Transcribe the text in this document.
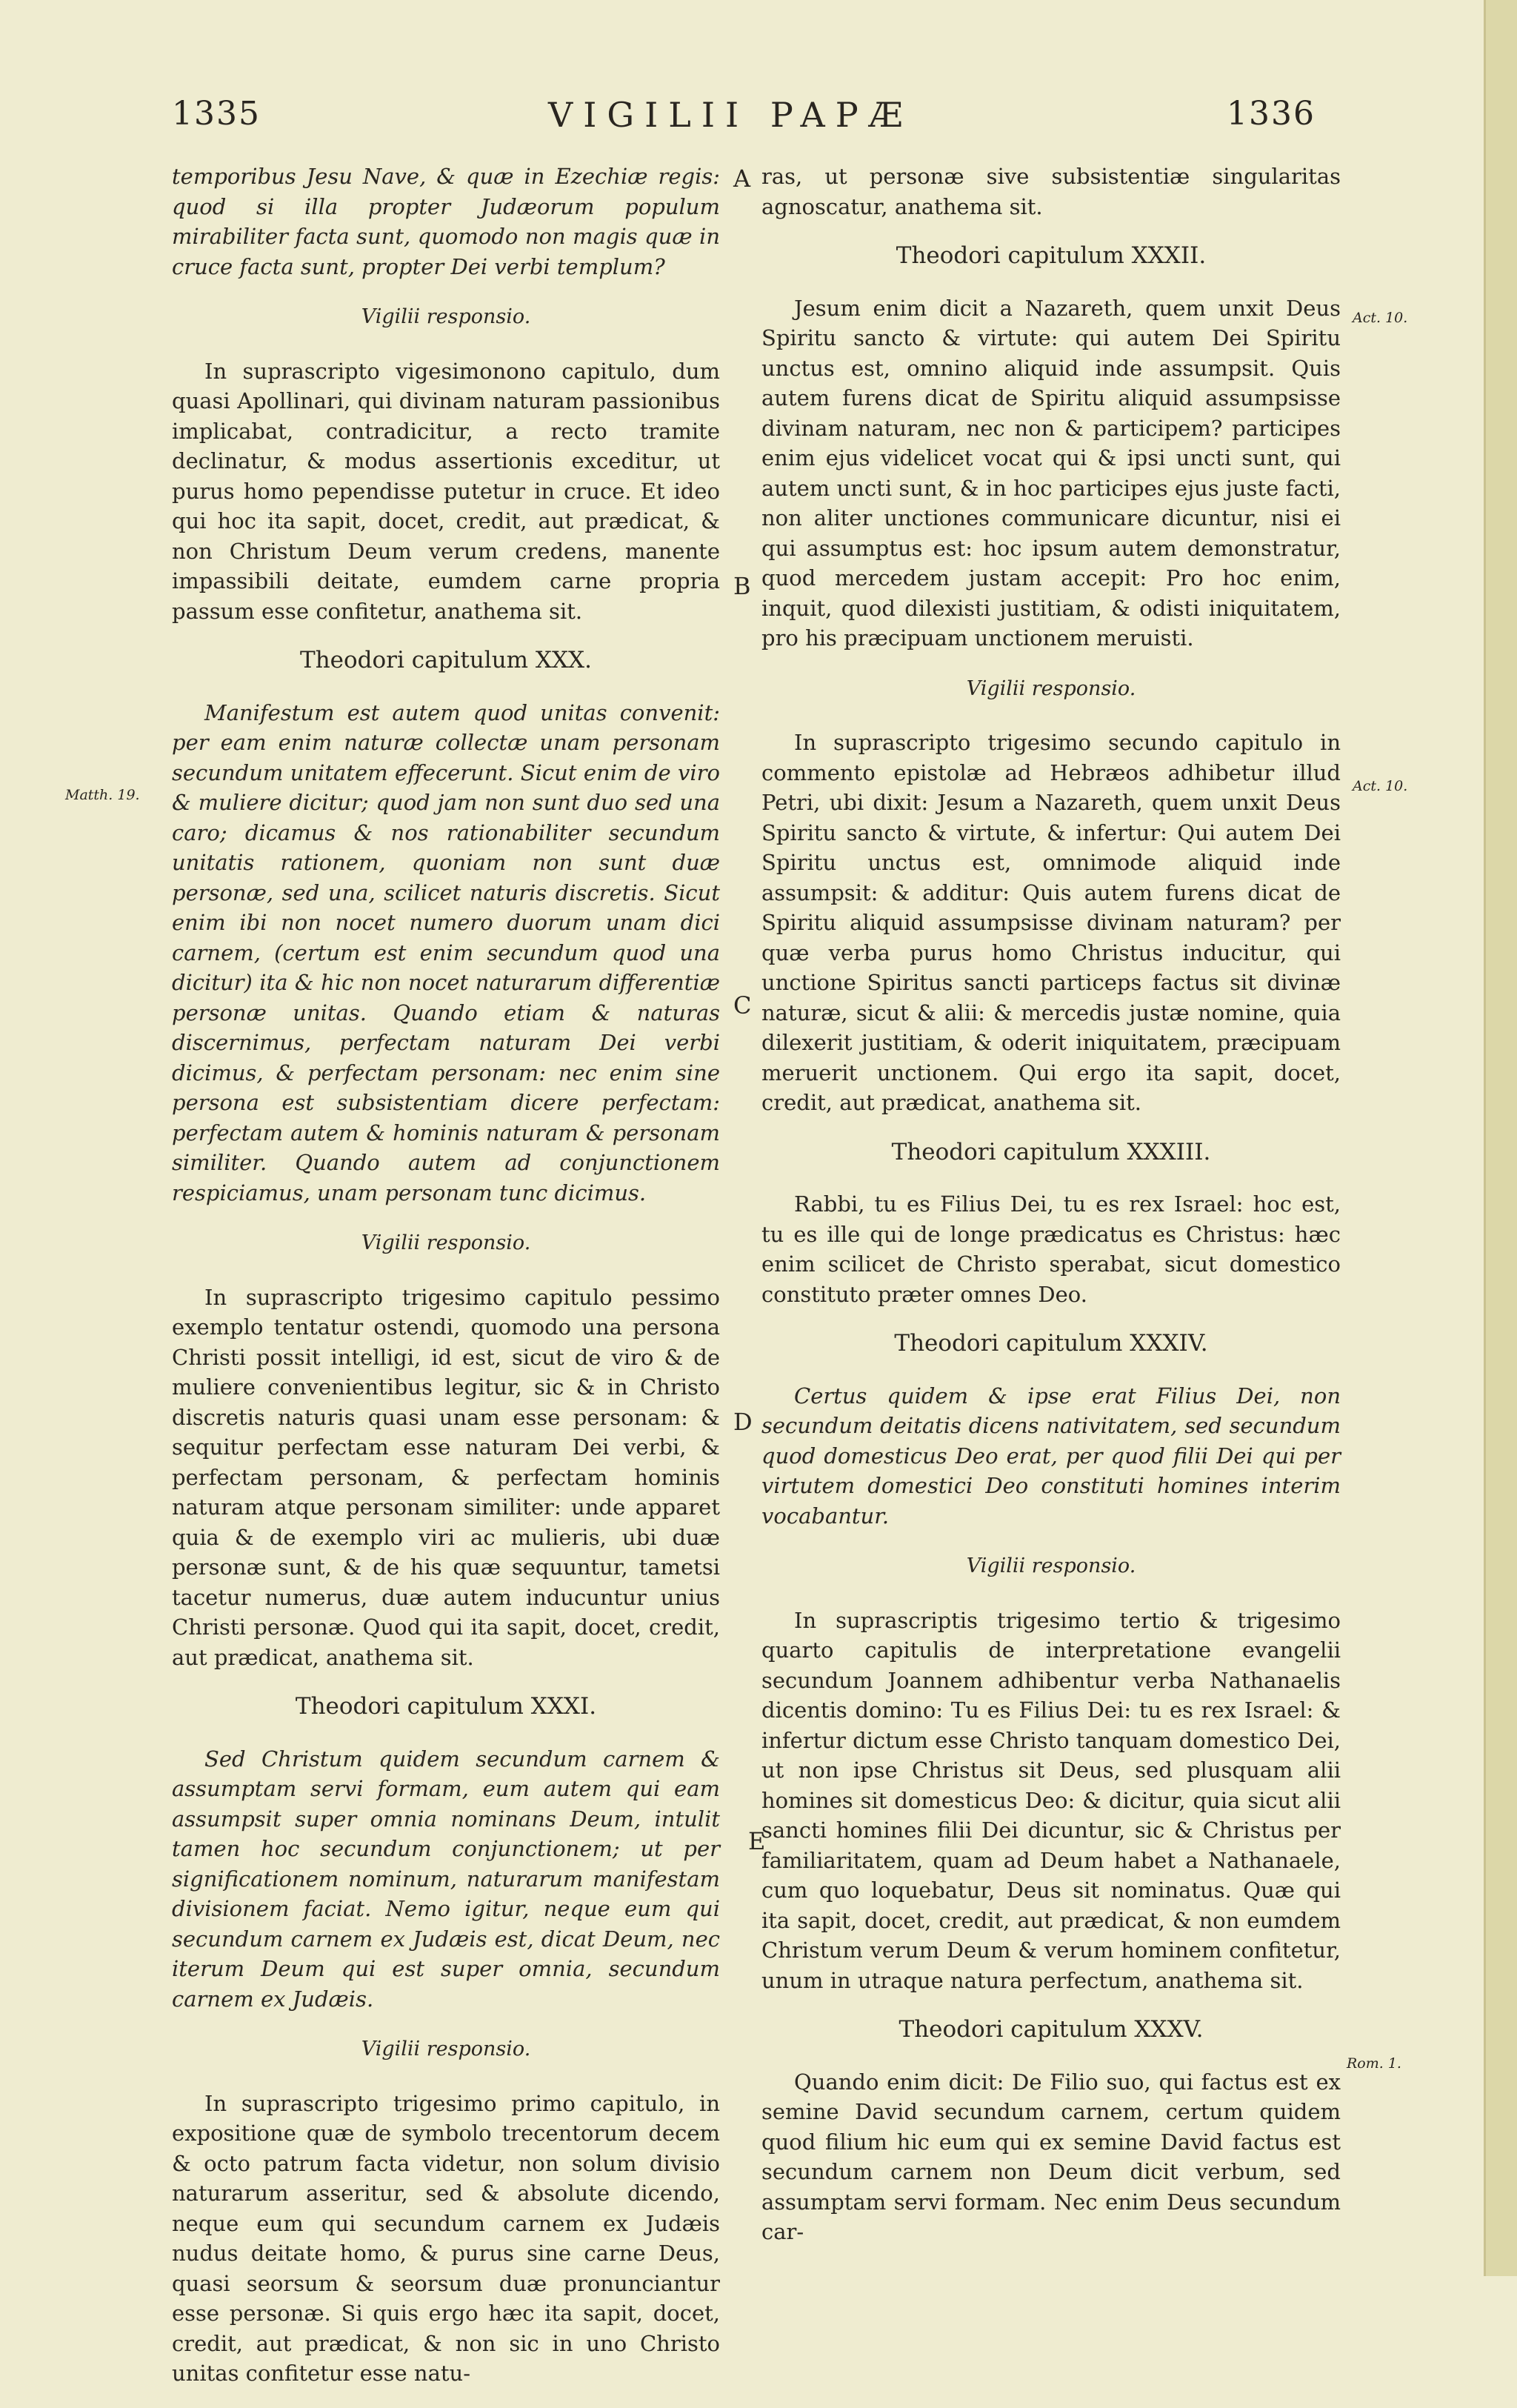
1335	VIGILII PAPÆ	1336
A
B
C
D
E
Matth. 19.
Act. 10.
Act. 10.
Rom. 1.

temporibus Jesu Nave, & quæ in Ezechiæ regis: quod si illa propter Judæorum populum mirabiliter facta sunt, quomodo non magis quæ in cruce facta sunt, propter Dei verbi templum?

Vigilii responsio.

In suprascripto vigesimonono capitulo, dum quasi Apollinari, qui divinam naturam passionibus implicabat, contradicitur, a recto tramite declinatur, & modus assertionis exceditur, ut purus homo pependisse putetur in cruce. Et ideo qui hoc ita sapit, docet, credit, aut prædicat, & non Christum Deum verum credens, manente impassibili deitate, eumdem carne propria passum esse confitetur, anathema sit.

Theodori capitulum XXX.

Manifestum est autem quod unitas convenit: per eam enim naturæ collectæ unam personam secundum unitatem effecerunt. Sicut enim de viro & muliere dicitur; quod jam non sunt duo sed una caro; dicamus & nos rationabiliter secundum unitatis rationem, quoniam non sunt duæ personæ, sed una, scilicet naturis discretis. Sicut enim ibi non nocet numero duorum unam dici carnem, (certum est enim secundum quod una dicitur) ita & hic non nocet naturarum differentiæ personæ unitas. Quando etiam & naturas discernimus, perfectam naturam Dei verbi dicimus, & perfectam personam: nec enim sine persona est subsistentiam dicere perfectam: perfectam autem & hominis naturam & personam similiter. Quando autem ad conjunctionem respiciamus, unam personam tunc dicimus.

Vigilii responsio.

In suprascripto trigesimo capitulo pessimo exemplo tentatur ostendi, quomodo una persona Christi possit intelligi, id est, sicut de viro & de muliere convenientibus legitur, sic & in Christo discretis naturis quasi unam esse personam: & sequitur perfectam esse naturam Dei verbi, & perfectam personam, & perfectam hominis naturam atque personam similiter: unde apparet quia & de exemplo viri ac mulieris, ubi duæ personæ sunt, & de his quæ sequuntur, tametsi tacetur numerus, duæ autem inducuntur unius Christi personæ. Quod qui ita sapit, docet, credit, aut prædicat, anathema sit.

Theodori capitulum XXXI.

Sed Christum quidem secundum carnem & assumptam servi formam, eum autem qui eam assumpsit super omnia nominans Deum, intulit tamen hoc secundum conjunctionem; ut per significationem nominum, naturarum manifestam divisionem faciat. Nemo igitur, neque eum qui secundum carnem ex Judæis est, dicat Deum, nec iterum Deum qui est super omnia, secundum carnem ex Judæis.

Vigilii responsio.

In suprascripto trigesimo primo capitulo, in expositione quæ de symbolo trecentorum decem & octo patrum facta videtur, non solum divisio naturarum asseritur, sed & absolute dicendo, neque eum qui secundum carnem ex Judæis nudus deitate homo, & purus sine carne Deus, quasi seorsum & seorsum duæ pronunciantur esse personæ. Si quis ergo hæc ita sapit, docet, credit, aut prædicat, & non sic in uno Christo unitas confitetur esse natu-

ras, ut personæ sive subsistentiæ singularitas agnoscatur, anathema sit.

Theodori capitulum XXXII.

Jesum enim dicit a Nazareth, quem unxit Deus Spiritu sancto & virtute: qui autem Dei Spiritu unctus est, omnino aliquid inde assumpsit. Quis autem furens dicat de Spiritu aliquid assumpsisse divinam naturam, nec non & participem? participes enim ejus videlicet vocat qui & ipsi uncti sunt, qui autem uncti sunt, & in hoc participes ejus juste facti, non aliter unctiones communicare dicuntur, nisi ei qui assumptus est: hoc ipsum autem demonstratur, quod mercedem justam accepit: Pro hoc enim, inquit, quod dilexisti justitiam, & odisti iniquitatem, pro his præcipuam unctionem meruisti.

Vigilii responsio.

In suprascripto trigesimo secundo capitulo in commento epistolæ ad Hebræos adhibetur illud Petri, ubi dixit: Jesum a Nazareth, quem unxit Deus Spiritu sancto & virtute, & infertur: Qui autem Dei Spiritu unctus est, omnimode aliquid inde assumpsit: & additur: Quis autem furens dicat de Spiritu aliquid assumpsisse divinam naturam? per quæ verba purus homo Christus inducitur, qui unctione Spiritus sancti particeps factus sit divinæ naturæ, sicut & alii: & mercedis justæ nomine, quia dilexerit justitiam, & oderit iniquitatem, præcipuam meruerit unctionem. Qui ergo ita sapit, docet, credit, aut prædicat, anathema sit.

Theodori capitulum XXXIII.

Rabbi, tu es Filius Dei, tu es rex Israel: hoc est, tu es ille qui de longe prædicatus es Christus: hæc enim scilicet de Christo sperabat, sicut domestico constituto præter omnes Deo.

Theodori capitulum XXXIV.

Certus quidem & ipse erat Filius Dei, non secundum deitatis dicens nativitatem, sed secundum quod domesticus Deo erat, per quod filii Dei qui per virtutem domestici Deo constituti homines interim vocabantur.

Vigilii responsio.

In suprascriptis trigesimo tertio & trigesimo quarto capitulis de interpretatione evangelii secundum Joannem adhibentur verba Nathanaelis dicentis domino: Tu es Filius Dei: tu es rex Israel: & infertur dictum esse Christo tanquam domestico Dei, ut non ipse Christus sit Deus, sed plusquam alii homines sit domesticus Deo: & dicitur, quia sicut alii sancti homines filii Dei dicuntur, sic & Christus per familiaritatem, quam ad Deum habet a Nathanaele, cum quo loquebatur, Deus sit nominatus. Quæ qui ita sapit, docet, credit, aut prædicat, & non eumdem Christum verum Deum & verum hominem confitetur, unum in utraque natura perfectum, anathema sit.

Theodori capitulum XXXV.

Quando enim dicit: De Filio suo, qui factus est ex semine David secundum carnem, certum quidem quod filium hic eum qui ex semine David factus est secundum carnem non Deum dicit verbum, sed assumptam servi formam. Nec enim Deus secundum car-
